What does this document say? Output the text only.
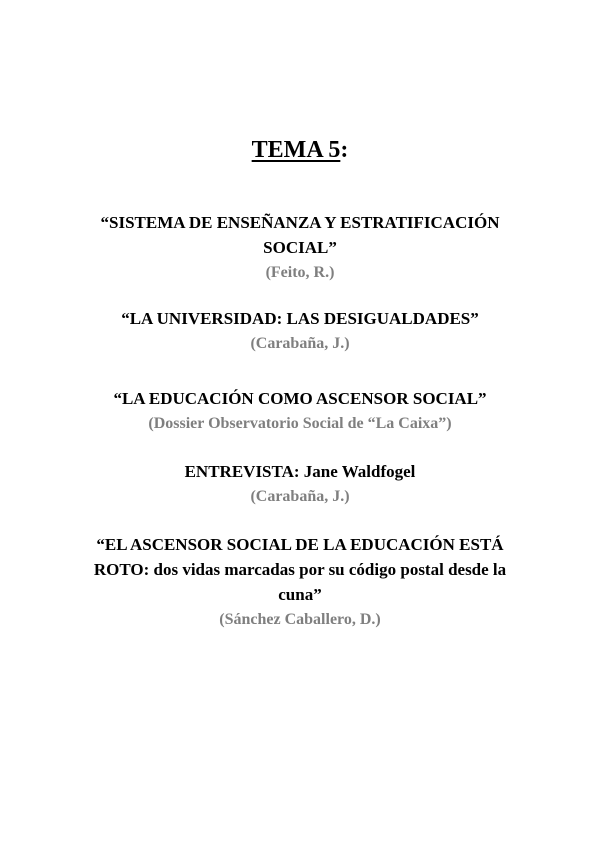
TEMA 5:
“SISTEMA DE ENSEÑANZA Y ESTRATIFICACIÓN
SOCIAL”
(Feito, R.)
“LA UNIVERSIDAD: LAS DESIGUALDADES”
(Carabaña, J.)
“LA EDUCACIÓN COMO ASCENSOR SOCIAL”
(Dossier Observatorio Social de “La Caixa”)
ENTREVISTA: Jane Waldfogel
(Carabaña, J.)
“EL ASCENSOR SOCIAL DE LA EDUCACIÓN ESTÁ
ROTO: dos vidas marcadas por su código postal desde la
cuna”
(Sánchez Caballero, D.)
